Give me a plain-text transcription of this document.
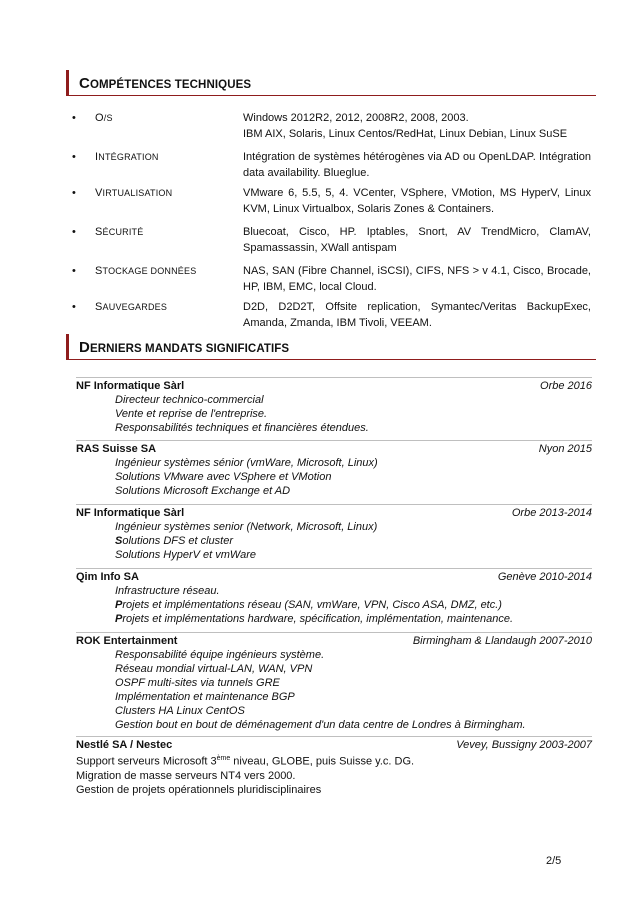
COMPÉTENCES TECHNIQUES
• O/S	Windows 2012R2, 2012, 2008R2, 2008, 2003.
IBM AIX, Solaris, Linux Centos/RedHat, Linux Debian, Linux SuSE
• INTÉGRATION	Intégration de systèmes hétérogènes via AD ou OpenLDAP. Intégration data availability. Blueglue.
• VIRTUALISATION	VMware 6, 5.5, 5, 4. VCenter, VSphere, VMotion, MS HyperV, Linux KVM, Linux Virtualbox, Solaris Zones & Containers.
• SÉCURITÉ	Bluecoat, Cisco, HP. Iptables, Snort, AV TrendMicro, ClamAV, Spamassassin, XWall antispam
• STOCKAGE DONNÉES	NAS, SAN (Fibre Channel, iSCSI), CIFS, NFS > v 4.1, Cisco, Brocade, HP, IBM, EMC, local Cloud.
• SAUVEGARDES	D2D, D2D2T, Offsite replication, Symantec/Veritas BackupExec, Amanda, Zmanda, IBM Tivoli, VEEAM.
DERNIERS MANDATS SIGNIFICATIFS
NF Informatique Sàrl	Orbe 2016
Directeur technico-commercial
Vente et reprise de l'entreprise.
Responsabilités techniques et financières étendues.
RAS Suisse SA	Nyon 2015
Ingénieur systèmes sénior (vmWare, Microsoft, Linux)
Solutions VMware avec VSphere et VMotion
Solutions Microsoft Exchange et AD
NF Informatique Sàrl	Orbe 2013-2014
Ingénieur systèmes senior (Network, Microsoft, Linux)
Solutions DFS et cluster
Solutions HyperV et vmWare
Qim Info SA	Genève 2010-2014
Infrastructure réseau.
Projets et implémentations réseau (SAN, vmWare, VPN, Cisco ASA, DMZ, etc.)
Projets et implémentations hardware, spécification, implémentation, maintenance.
ROK Entertainment	Birmingham & Llandaugh 2007-2010
Responsabilité équipe ingénieurs système.
Réseau mondial virtual-LAN, WAN, VPN
OSPF multi-sites via tunnels GRE
Implémentation et maintenance BGP
Clusters HA Linux CentOS
Gestion bout en bout de déménagement d'un data centre de Londres à Birmingham.
Nestlé SA / Nestec	Vevey, Bussigny 2003-2007
Support serveurs Microsoft 3ème niveau, GLOBE, puis Suisse y.c. DG.
Migration de masse serveurs NT4 vers 2000.
Gestion de projets opérationnels pluridisciplinaires
2/5
